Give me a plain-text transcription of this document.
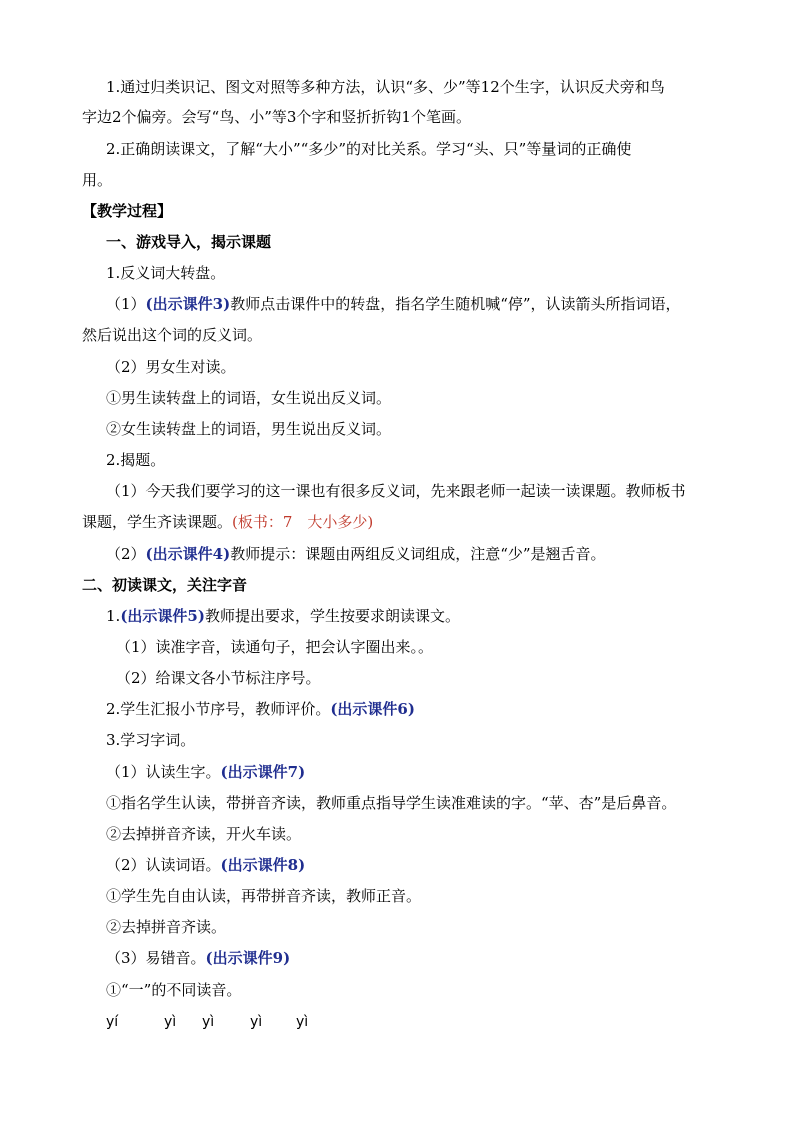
1.通过归类识记、图文对照等多种方法，认识“多、少”等12个生字，认识反犬旁和鸟
字边2个偏旁。会写“鸟、小”等3个字和竖折折钩1个笔画。
2.正确朗读课文，了解“大小”“多少”的对比关系。学习“头、只”等量词的正确使
用。
【教学过程】
一、游戏导入，揭示课题
1.反义词大转盘。
（1）(出示课件3)教师点击课件中的转盘，指名学生随机喊“停”，认读箭头所指词语，
然后说出这个词的反义词。
（2）男女生对读。
①男生读转盘上的词语，女生说出反义词。
②女生读转盘上的词语，男生说出反义词。
2.揭题。
（1）今天我们要学习的这一课也有很多反义词，先来跟老师一起读一读课题。教师板书
课题，学生齐读课题。(板书：7　大小多少)
（2）(出示课件4)教师提示：课题由两组反义词组成，注意“少”是翘舌音。
二、初读课文，关注字音
1.(出示课件5)教师提出要求，学生按要求朗读课文。
（1）读准字音，读通句子，把会认字圈出来。。
（2）给课文各小节标注序号。
2.学生汇报小节序号，教师评价。(出示课件6)
3.学习字词。
（1）认读生字。(出示课件7)
①指名学生认读，带拼音齐读，教师重点指导学生读准难读的字。“苹、杏”是后鼻音。
②去掉拼音齐读，开火车读。
（2）认读词语。(出示课件8)
①学生先自由认读，再带拼音齐读，教师正音。
②去掉拼音齐读。
（3）易错音。(出示课件9)
①“一”的不同读音。
yí	yì yì	yì yì
